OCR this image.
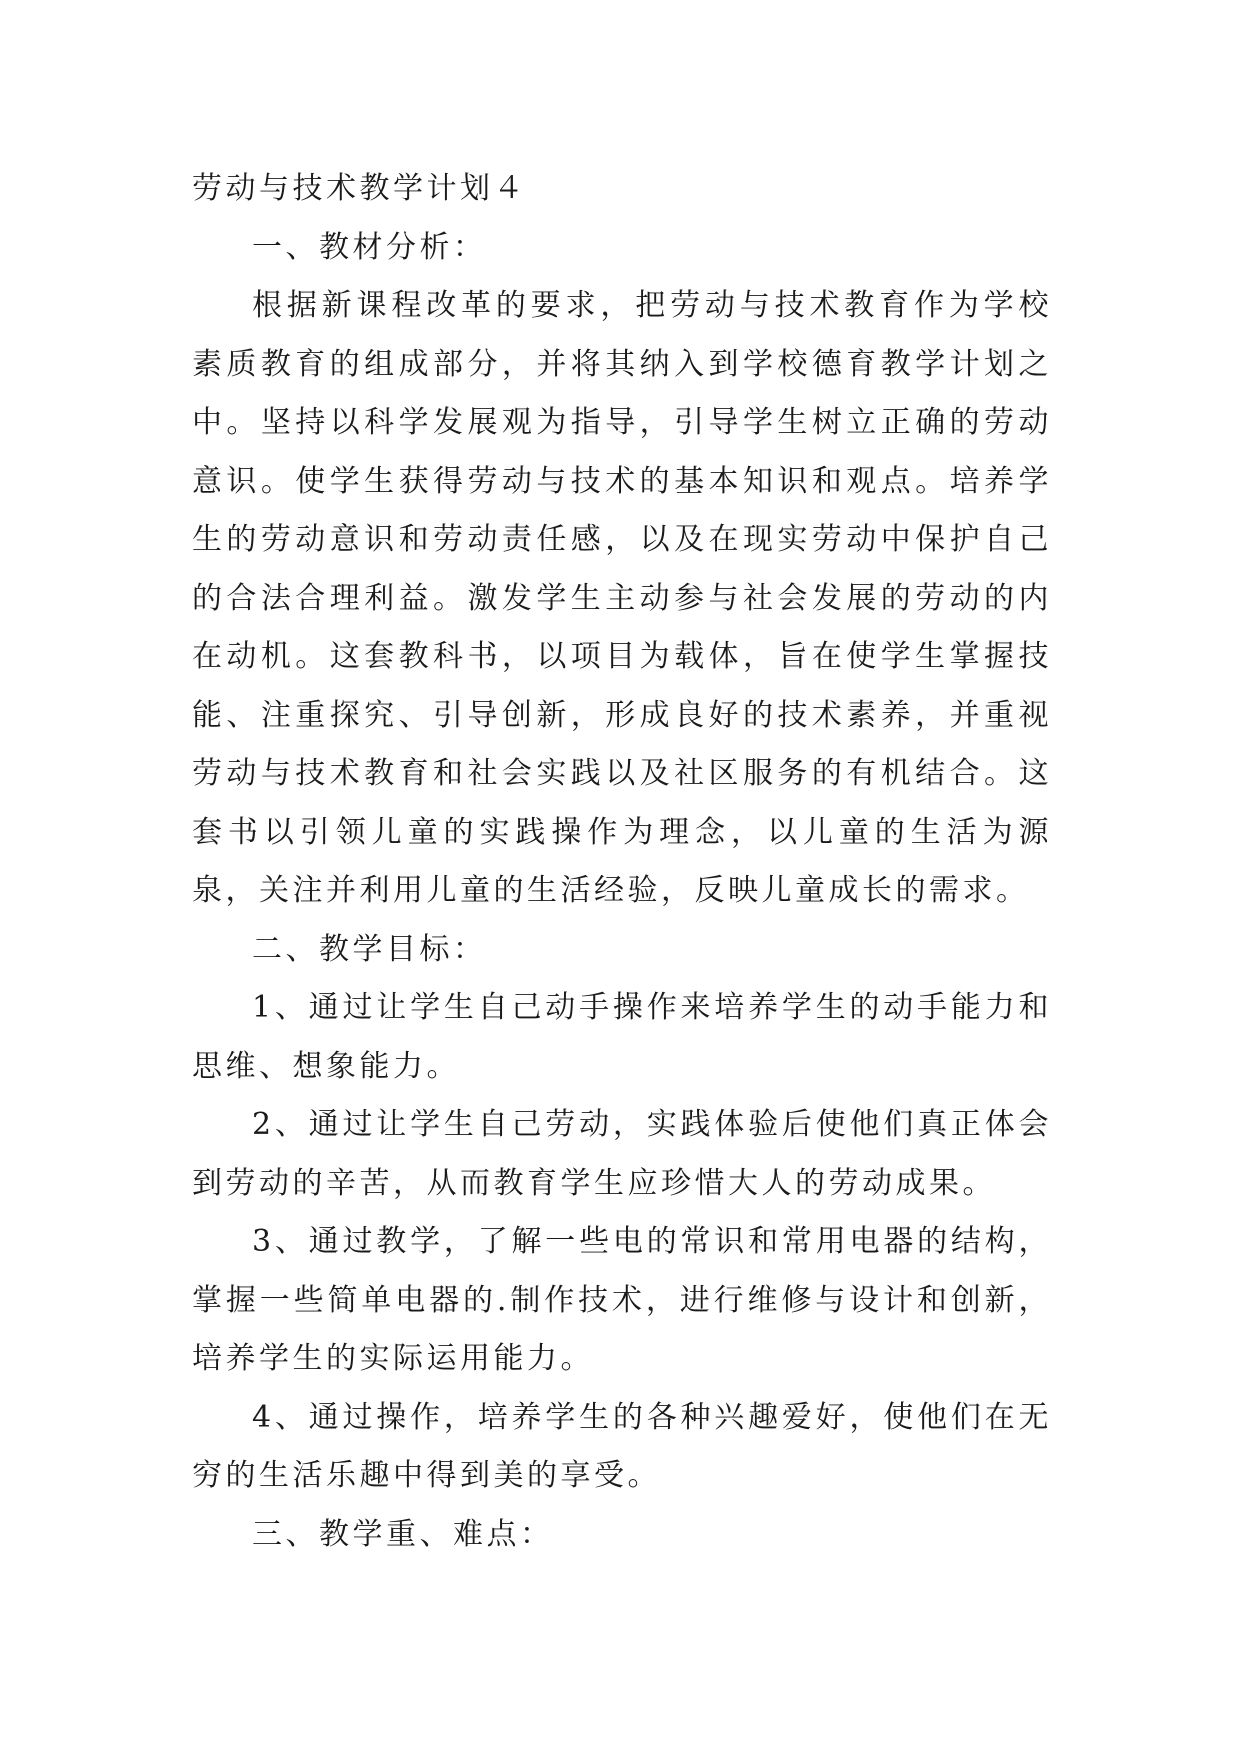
劳动与技术教学计划４

一、教材分析：

根据新课程改革的要求，把劳动与技术教育作为学校素质教育的组成部分，并将其纳入到学校德育教学计划之中。坚持以科学发展观为指导，引导学生树立正确的劳动意识。使学生获得劳动与技术的基本知识和观点。培养学生的劳动意识和劳动责任感，以及在现实劳动中保护自己的合法合理利益。激发学生主动参与社会发展的劳动的内在动机。这套教科书，以项目为载体，旨在使学生掌握技能、注重探究、引导创新，形成良好的技术素养，并重视劳动与技术教育和社会实践以及社区服务的有机结合。这套书以引领儿童的实践操作为理念，以儿童的生活为源泉，关注并利用儿童的生活经验，反映儿童成长的需求。

二、教学目标：

1、通过让学生自己动手操作来培养学生的动手能力和思维、想象能力。

2、通过让学生自己劳动，实践体验后使他们真正体会到劳动的辛苦，从而教育学生应珍惜大人的劳动成果。

3、通过教学，了解一些电的常识和常用电器的结构，掌握一些简单电器的.制作技术，进行维修与设计和创新，培养学生的实际运用能力。

4、通过操作，培养学生的各种兴趣爱好，使他们在无穷的生活乐趣中得到美的享受。

三、教学重、难点：
